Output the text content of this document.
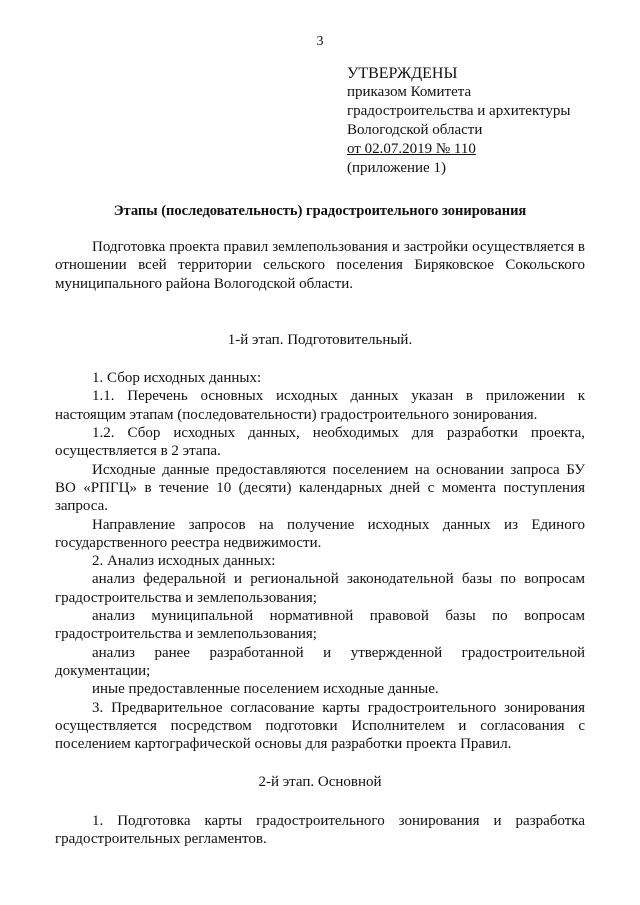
3
УТВЕРЖДЕНЫ
приказом Комитета
градостроительства и архитектуры
Вологодской области
от 02.07.2019 № 110
(приложение 1)
Этапы (последовательность) градостроительного зонирования

Подготовка проекта правил землепользования и застройки осуществляется в отношении всей территории сельского поселения Биряковское Сокольского муниципального района Вологодской области.

1-й этап. Подготовительный.

1. Сбор исходных данных:

1.1. Перечень основных исходных данных указан в приложении к настоящим этапам (последовательности) градостроительного зонирования.

1.2. Сбор исходных данных, необходимых для разработки проекта, осуществляется в 2 этапа.

Исходные данные предоставляются поселением на основании запроса БУ ВО «РПГЦ» в течение 10 (десяти) календарных дней с момента поступления запроса.

Направление запросов на получение исходных данных из Единого государственного реестра недвижимости.

2. Анализ исходных данных:

анализ федеральной и региональной законодательной базы по вопросам градостроительства и землепользования;

анализ муниципальной нормативной правовой базы по вопросам градостроительства и землепользования;

анализ ранее разработанной и утвержденной градостроительной документации;

иные предоставленные поселением исходные данные.

3. Предварительное согласование карты градостроительного зонирования осуществляется посредством подготовки Исполнителем и согласования с поселением картографической основы для разработки проекта Правил.

2-й этап. Основной

1. Подготовка карты градостроительного зонирования и разработка градостроительных регламентов.
